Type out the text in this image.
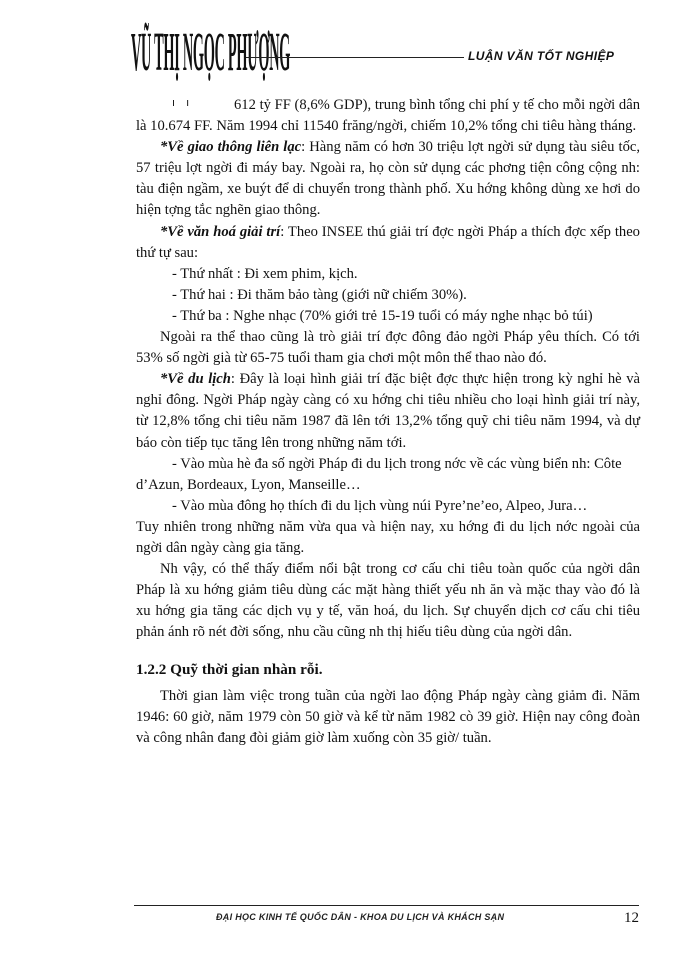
VŨ THỊ NGỌC PHƯỢNG	LUẬN VĂN TỐT NGHIỆP
ı ı	612 tỷ FF (8,6% GDP), trung bình tổng chi phí y tế cho mỗi ngời dân là 10.674 FF. Năm 1994 chỉ 11540 frăng/ngời, chiếm 10,2% tổng chi tiêu hàng tháng.

*Về giao thông liên lạc: Hàng năm có hơn 30 triệu lợt ngời sử dụng tàu siêu tốc, 57 triệu lợt ngời đi máy bay. Ngoài ra, họ còn sử dụng các phơng tiện công cộng nh: tàu điện ngầm, xe buýt để di chuyển trong thành phố. Xu hớng không dùng xe hơi do hiện tợng tắc nghẽn giao thông.

*Về văn hoá giải trí: Theo INSEE thú giải trí đợc ngời Pháp a thích đợc xếp theo thứ tự sau:

- Thứ nhất : Đi xem phim, kịch.

- Thứ hai : Đi thăm bảo tàng (giới nữ chiếm 30%).

- Thứ ba : Nghe nhạc (70% giới trẻ 15-19 tuổi có máy nghe nhạc bỏ túi)

Ngoài ra thể thao cũng là trò giải trí đợc đông đảo ngời Pháp yêu thích. Có tới 53% số ngời già từ 65-75 tuổi tham gia chơi một môn thể thao nào đó.

*Về du lịch: Đây là loại hình giải trí đặc biệt đợc thực hiện trong kỳ nghỉ hè và nghỉ đông. Ngời Pháp ngày càng có xu hớng chi tiêu nhiều cho loại hình giải trí này, từ 12,8% tổng chi tiêu năm 1987 đã lên tới 13,2% tổng quỹ chi tiêu năm 1994, và dự báo còn tiếp tục tăng lên trong những năm tới.

- Vào mùa hè đa số ngời Pháp đi du lịch trong nớc về các vùng biển nh: Côte d’Azun, Bordeaux, Lyon, Manseille…

- Vào mùa đông họ thích đi du lịch vùng núi Pyre’ne’eo, Alpeo, Jura…

Tuy nhiên trong những năm vừa qua và hiện nay, xu hớng đi du lịch nớc ngoài của ngời dân ngày càng gia tăng.

Nh vậy, có thể thấy điểm nổi bật trong cơ cấu chi tiêu toàn quốc của ngời dân Pháp là xu hớng giảm tiêu dùng các mặt hàng thiết yếu nh ăn và mặc thay vào đó là xu hớng gia tăng các dịch vụ y tế, văn hoá, du lịch. Sự chuyển dịch cơ cấu chi tiêu phản ánh rõ nét đời sống, nhu cầu cũng nh thị hiếu tiêu dùng của ngời dân.

1.2.2 Quỹ thời gian nhàn rỗi.

Thời gian làm việc trong tuần của ngời lao động Pháp ngày càng giảm đi. Năm 1946: 60 giờ, năm 1979 còn 50 giờ và kể từ năm 1982 cò 39 giờ. Hiện nay công đoàn và công nhân đang đòi giảm giờ làm xuống còn 35 giờ/ tuần.

ĐẠI HỌC KINH TẾ QUỐC DÂN - KHOA DU LỊCH VÀ KHÁCH SẠN	12
